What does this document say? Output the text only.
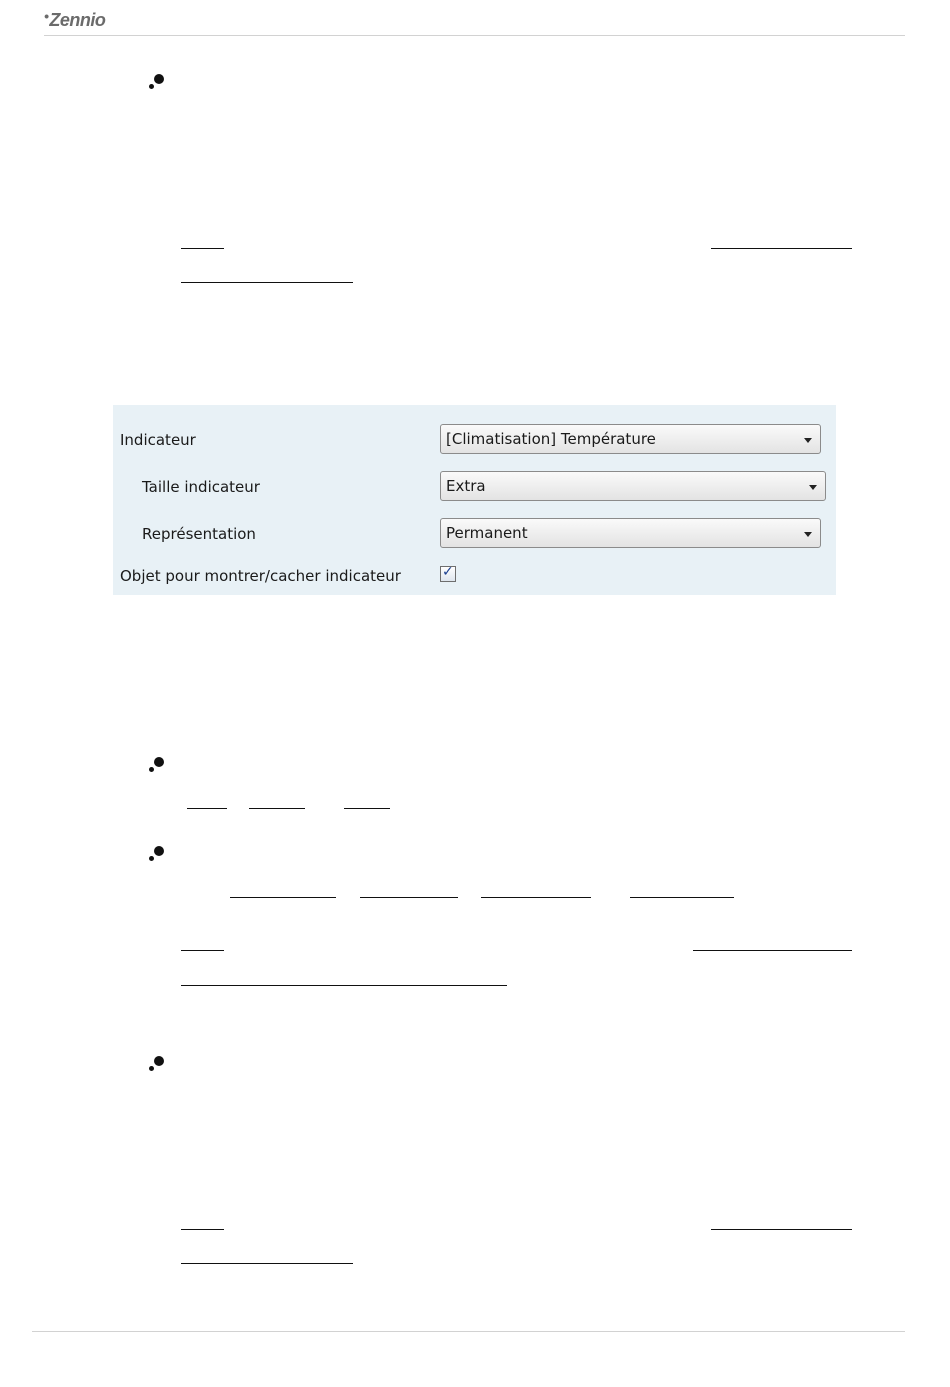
•Zennio
Indicateur	[Climatisation] Température
Taille indicateur	Extra
Représentation	Permanent
Objet pour montrer/cacher indicateur	✓
